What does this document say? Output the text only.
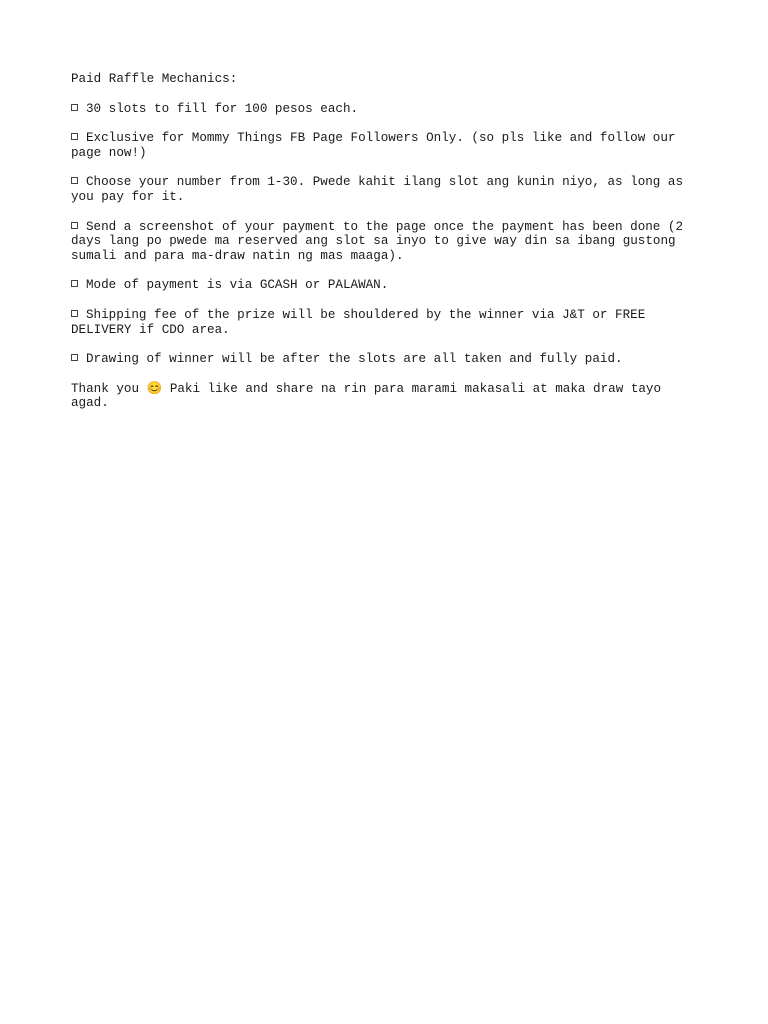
Paid Raffle Mechanics:

30 slots to fill for 100 pesos each.

Exclusive for Mommy Things FB Page Followers Only. (so pls like and follow our page now!)

Choose your number from 1-30. Pwede kahit ilang slot ang kunin niyo, as long as you pay for it.

Send a screenshot of your payment to the page once the payment has been done (2 days lang po pwede ma reserved ang slot sa inyo to give way din sa ibang gustong sumali and para ma-draw natin ng mas maaga).

Mode of payment is via GCASH or PALAWAN.

Shipping fee of the prize will be shouldered by the winner via J&T or FREE DELIVERY if CDO area.

Drawing of winner will be after the slots are all taken and fully paid.

Thank you 😊 Paki like and share na rin para marami makasali at maka draw tayo agad.
